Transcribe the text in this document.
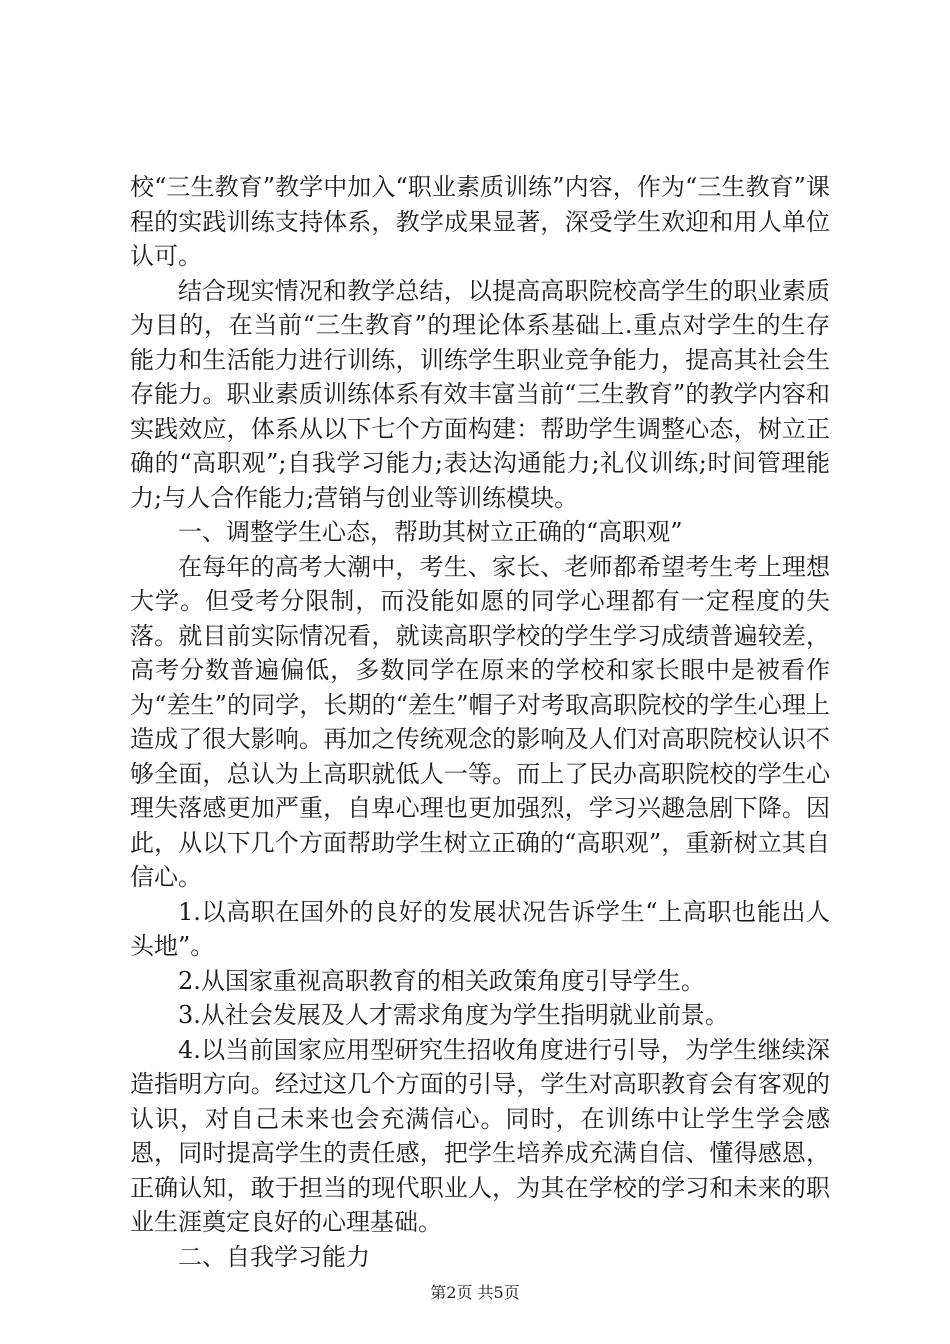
校“三生教育”教学中加入“职业素质训练”内容，作为“三生教育”课程的实践训练支持体系，教学成果显著，深受学生欢迎和用人单位认可。

结合现实情况和教学总结，以提高高职院校高学生的职业素质为目的，在当前“三生教育”的理论体系基础上.重点对学生的生存能力和生活能力进行训练，训练学生职业竞争能力，提高其社会生存能力。职业素质训练体系有效丰富当前“三生教育”的教学内容和实践效应，体系从以下七个方面构建：帮助学生调整心态，树立正确的“高职观”;自我学习能力;表达沟通能力;礼仪训练;时间管理能力;与人合作能力;营销与创业等训练模块。

一、调整学生心态，帮助其树立正确的“高职观”

在每年的高考大潮中，考生、家长、老师都希望考生考上理想大学。但受考分限制，而没能如愿的同学心理都有一定程度的失落。就目前实际情况看，就读高职学校的学生学习成绩普遍较差，高考分数普遍偏低，多数同学在原来的学校和家长眼中是被看作为“差生”的同学，长期的“差生”帽子对考取高职院校的学生心理上造成了很大影响。再加之传统观念的影响及人们对高职院校认识不够全面，总认为上高职就低人一等。而上了民办高职院校的学生心理失落感更加严重，自卑心理也更加强烈，学习兴趣急剧下降。因此，从以下几个方面帮助学生树立正确的“高职观”，重新树立其自信心。

1.以高职在国外的良好的发展状况告诉学生“上高职也能出人头地”。

2.从国家重视高职教育的相关政策角度引导学生。

3.从社会发展及人才需求角度为学生指明就业前景。

4.以当前国家应用型研究生招收角度进行引导，为学生继续深造指明方向。经过这几个方面的引导，学生对高职教育会有客观的认识，对自己未来也会充满信心。同时，在训练中让学生学会感恩，同时提高学生的责任感，把学生培养成充满自信、懂得感恩，正确认知，敢于担当的现代职业人，为其在学校的学习和未来的职业生涯奠定良好的心理基础。

二、自我学习能力

第2页 共5页
